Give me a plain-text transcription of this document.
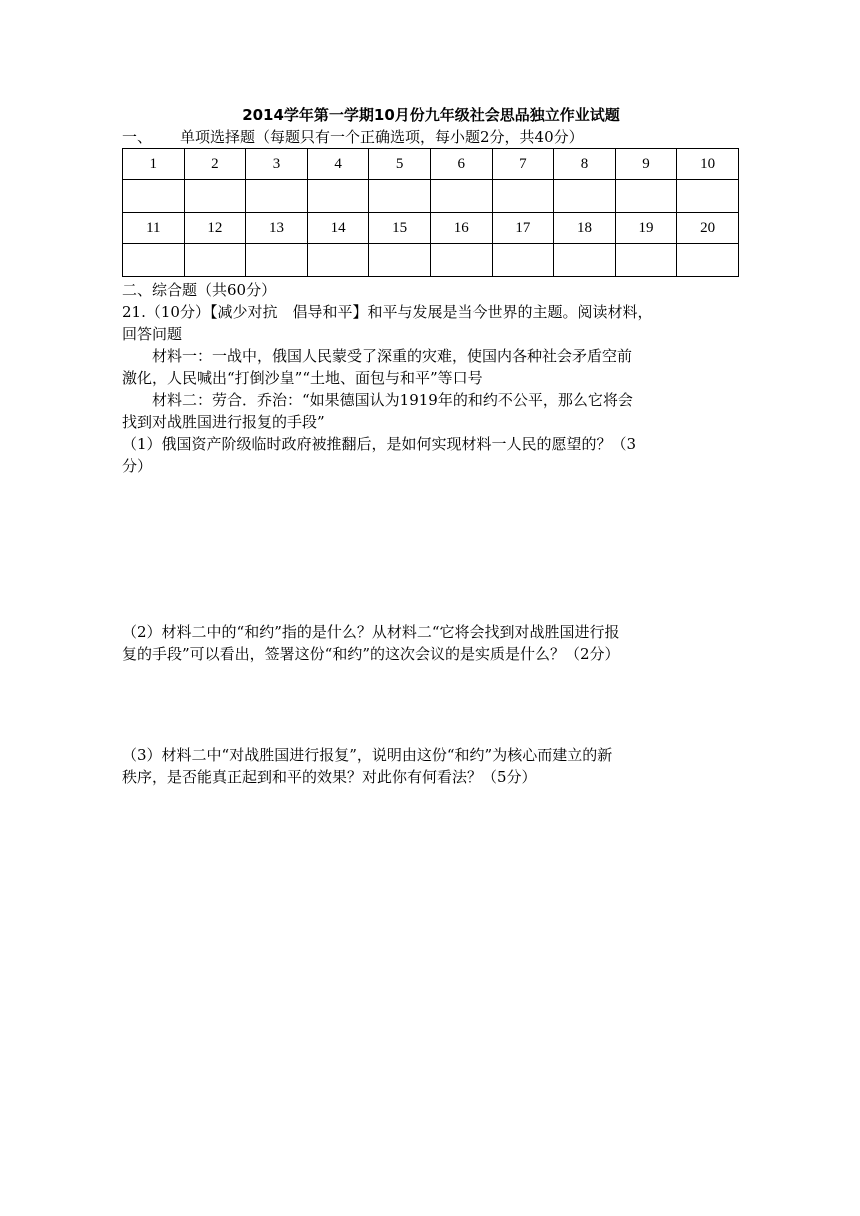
2014学年第一学期10月份九年级社会思品独立作业试题
一、 单项选择题（每题只有一个正确选项，每小题2分，共40分）
1	2	3	4	5	6	7	8	9	10

11	12	13	14	15	16	17	18	19	20

二、综合题（共60分）
21.（10分）【减少对抗　倡导和平】和平与发展是当今世界的主题。阅读材料，
回答问题
材料一：一战中，俄国人民蒙受了深重的灾难，使国内各种社会矛盾空前
激化，人民喊出“打倒沙皇”“土地、面包与和平”等口号
材料二：劳合．乔治：“如果德国认为1919年的和约不公平，那么它将会
找到对战胜国进行报复的手段”
（1）俄国资产阶级临时政府被推翻后，是如何实现材料一人民的愿望的？（3
分）
（2）材料二中的“和约”指的是什么？从材料二“它将会找到对战胜国进行报
复的手段”可以看出，签署这份“和约”的这次会议的是实质是什么？（2分）
（3）材料二中“对战胜国进行报复”，说明由这份“和约”为核心而建立的新
秩序，是否能真正起到和平的效果？对此你有何看法？（5分）
